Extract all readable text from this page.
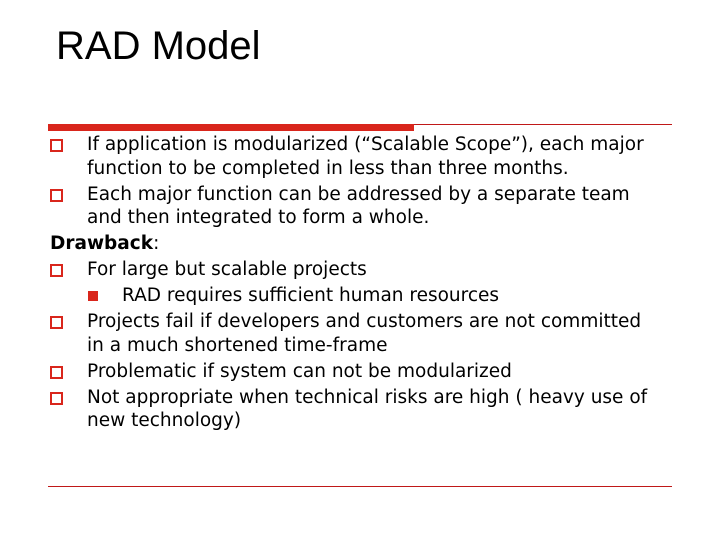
RAD Model

If application is modularized (“Scalable Scope”), each major function to be completed in less than three months.

Each major function can be addressed by a separate team and then integrated to form a whole.

Drawback:

For large but scalable projects

RAD requires sufficient human resources

Projects fail if developers and customers are not committed in a much shortened time-frame

Problematic if system can not be modularized

Not appropriate when technical risks are high ( heavy use of new technology)
